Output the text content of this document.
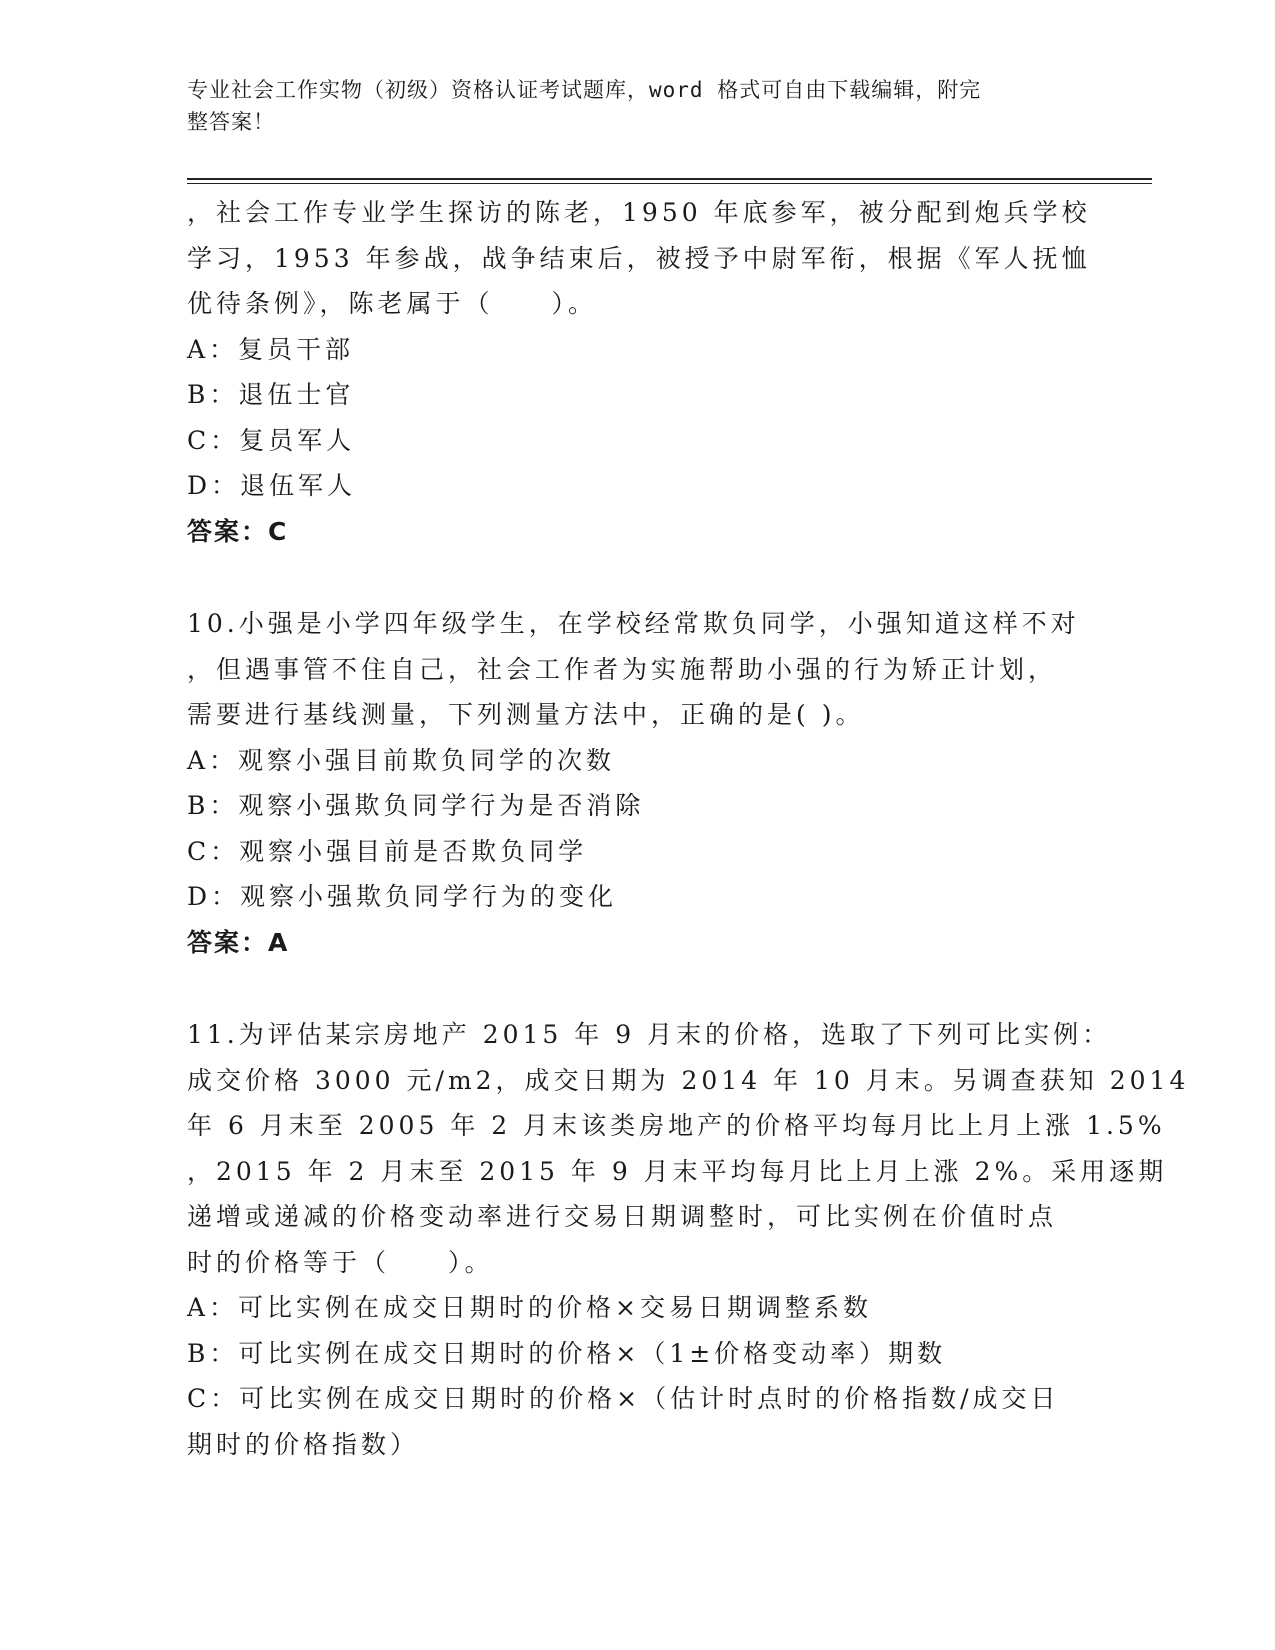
专业社会工作实物（初级）资格认证考试题库，word 格式可自由下载编辑，附完
整答案！

，社会工作专业学生探访的陈老，1950 年底参军，被分配到炮兵学校

学习，1953 年参战，战争结束后，被授予中尉军衔，根据《军人抚恤

优待条例》，陈老属于（　　）。

A：复员干部

B：退伍士官

C：复员军人

D：退伍军人

答案：C

10.小强是小学四年级学生，在学校经常欺负同学，小强知道这样不对

，但遇事管不住自己，社会工作者为实施帮助小强的行为矫正计划，

需要进行基线测量，下列测量方法中，正确的是( )。

A：观察小强目前欺负同学的次数

B：观察小强欺负同学行为是否消除

C：观察小强目前是否欺负同学

D：观察小强欺负同学行为的变化

答案：A

11.为评估某宗房地产 2015 年 9 月末的价格，选取了下列可比实例：

成交价格 3000 元/m2，成交日期为 2014 年 10 月末。另调查获知 2014

年 6 月末至 2005 年 2 月末该类房地产的价格平均每月比上月上涨 1.5%

，2015 年 2 月末至 2015 年 9 月末平均每月比上月上涨 2%。采用逐期

递增或递减的价格变动率进行交易日期调整时，可比实例在价值时点

时的价格等于（　　）。

A：可比实例在成交日期时的价格×交易日期调整系数

B：可比实例在成交日期时的价格×（1±价格变动率）期数

C：可比实例在成交日期时的价格×（估计时点时的价格指数/成交日

期时的价格指数）
